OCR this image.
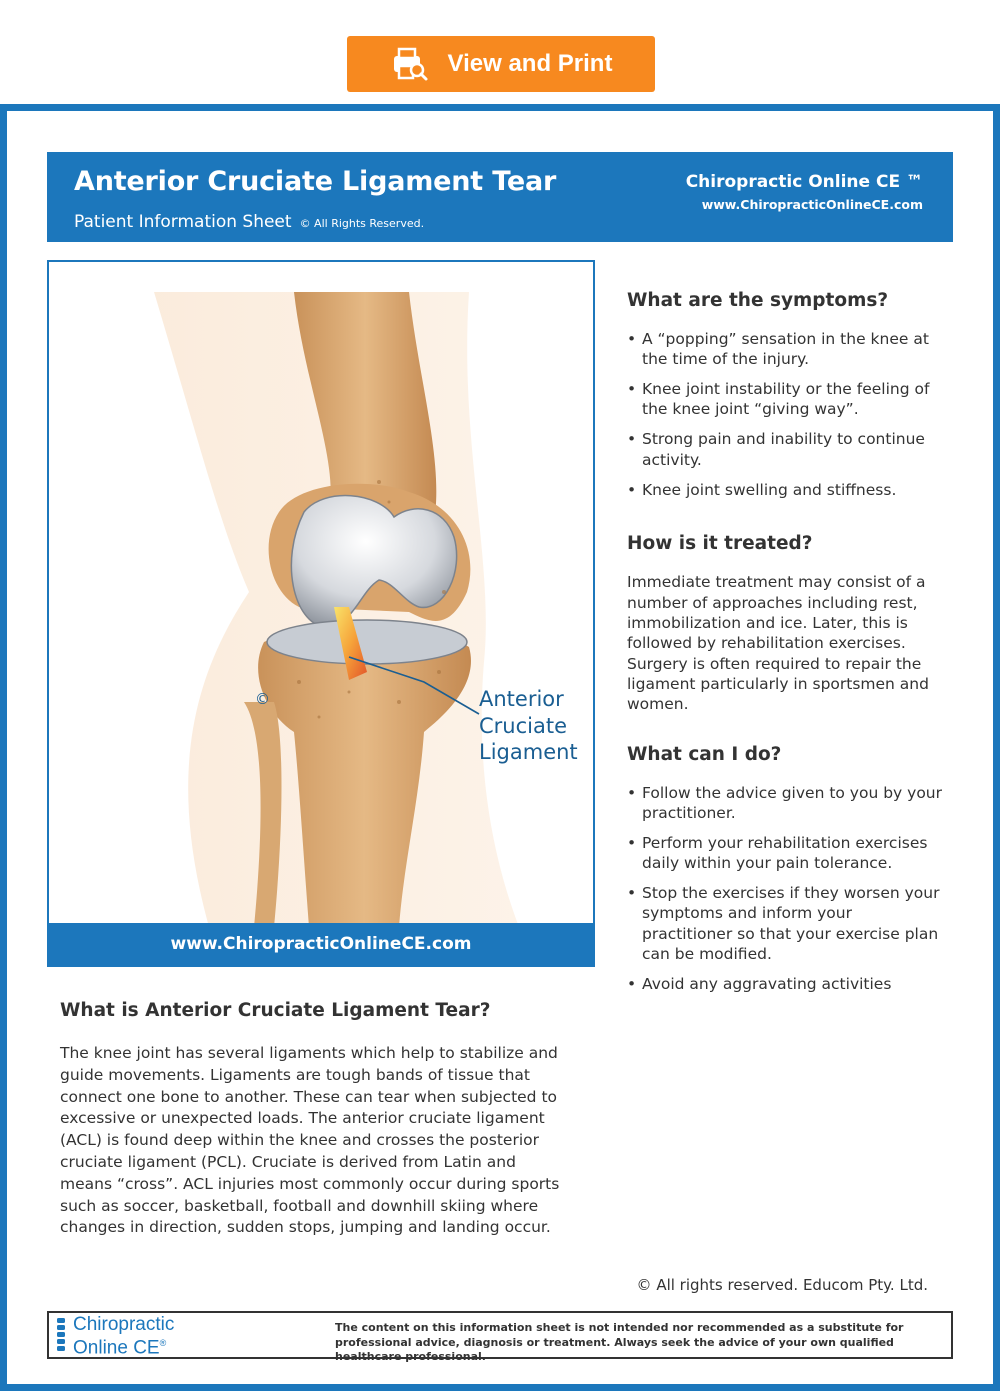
View and Print
Anterior Cruciate Ligament Tear
Patient Information Sheet © All Rights Reserved.
Chiropractic Online CE ™
www.ChiropracticOnlineCE.com
©	Anterior
Cruciate
Ligament
www.ChiropracticOnlineCE.com
What is Anterior Cruciate Ligament Tear?

The knee joint has several ligaments which help to stabilize and guide movements. Ligaments are tough bands of tissue that connect one bone to another. These can tear when subjected to excessive or unexpected loads. The anterior cruciate ligament (ACL) is found deep within the knee and crosses the posterior cruciate ligament (PCL). Cruciate is derived from Latin and means “cross”. ACL injuries most commonly occur during sports such as soccer, basketball, football and downhill skiing where changes in direction, sudden stops, jumping and landing occur.

What are the symptoms?
• A “popping” sensation in the knee at the time of the injury.
• Knee joint instability or the feeling of the knee joint “giving way”.
• Strong pain and inability to continue activity.
• Knee joint swelling and stiffness.
How is it treated?

Immediate treatment may consist of a number of approaches including rest, immobilization and ice. Later, this is followed by rehabilitation exercises. Surgery is often required to repair the ligament particularly in sportsmen and women.

What can I do?
• Follow the advice given to you by your practitioner.
• Perform your rehabilitation exercises daily within your pain tolerance.
• Stop the exercises if they worsen your symptoms and inform your practitioner so that your exercise plan can be modified.
• Avoid any aggravating activities
© All rights reserved. Educom Pty. Ltd.
Chiropractic
Online CE®
The content on this information sheet is not intended nor recommended as a substitute for professional advice, diagnosis or treatment. Always seek the advice of your own qualified healthcare professional.
